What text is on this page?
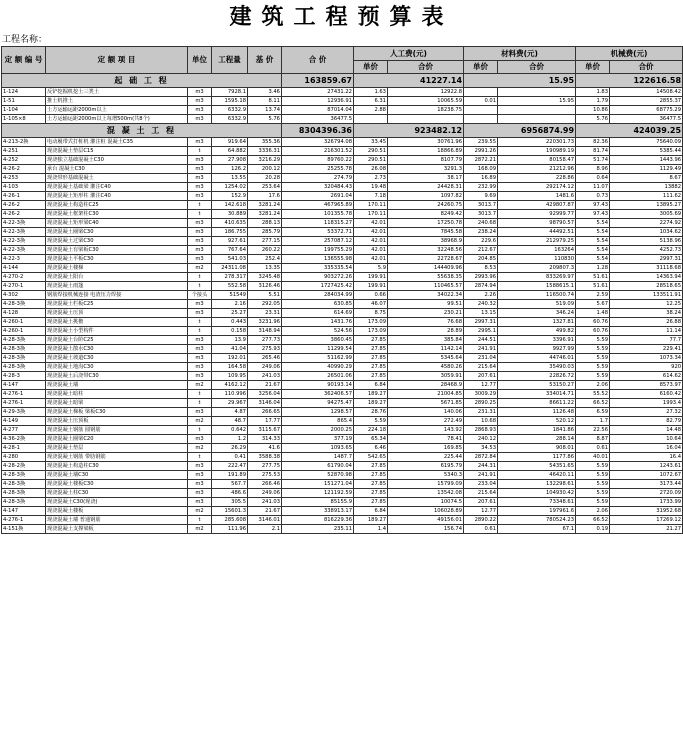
建筑工程预算表
工程名称：
定 额 编 号	定 额 项 目	单位	工程量	基 价	合 价	人工费(元)		材料费(元)		机械费(元)	
						单价	合价	单价	合价	单价	合价
起 础 工 程					163859.67	41227.14		15.95		122616.58	
1-124	反铲挖掘机挖土三类土	m3	7928.1	3.46	27431.22	1.63	12922.8			1.83	14508.42
1-51	推土机推土	m3	1595.18	8.11	12936.91	6.31	10065.59	0.01	15.95	1.79	2855.37
1-104	土方运输运距2000m以上	m3	6332.9	13.74	87014.04	2.88	18238.75			10.86	68775.29
1-105×8	土方运输运距2000m以上每增500m(共8个)	m3	6332.9	5.76	36477.5					5.76	36477.5
混 凝 土 工 程					8304396.36	923482.12		6956874.99		424039.25	
4-213-2换	电动履带式打桩机 灌注桩 混凝土C35	m3	919.64	355.36	326794.08	33.45	30761.96	239.55	220301.73	82.36	75640.09
4-251	现浇混凝土垫层C15	t	64.882	3336.31	216301.52	290.51	18866.89	2991.26	190989.19	81.74	5385.44
4-252	现浇独立基础混凝土C30	m3	27.908	3216.29	89760.22	290.51	8107.79	2872.21	80158.47	51.74	1443.96
4-26-2	承台 混凝土C30	m3	126.2	200.12	25255.78	26.08	3291.3	168.09	21212.96	8.96	1129.49
4-253	现浇带形基础混凝土	m3	13.55	20.28	274.79	2.73	38.17	16.89	228.86	0.64	8.67
4-103	现浇混凝土基础梁 灌注C40	m3	1254.02	253.64	320484.43	19.48	24428.31	232.99	292174.12	11.07	13882
4-26-1	现浇混凝土矩形柱 灌注C40	m3	152.9	17.6	2691.04	7.18	1097.82	9.69	1481.6	0.73	111.62
4-26-2	现浇混凝土构造柱C25	t	142.618	3281.24	467965.89	170.11	24260.75	3013.7	429807.87	97.43	13895.27
4-26-2	现浇混凝土框架柱C30	t	30.889	3281.24	101355.78	170.11	8249.42	3013.7	92999.77	97.43	3005.69
4-22-3换	现浇混凝土矩形梁C40	m3	410.635	288.13	118315.27	42.01	17250.78	240.68	98790.57	5.54	2274.92
4-22-3换	现浇混凝土圈梁C30	m3	186.755	285.79	53372.71	42.01	7845.58	238.24	44492.51	5.54	1034.62
4-22-3换	现浇混凝土过梁C30	m3	927.61	277.15	257087.12	42.01	38968.9	229.6	212979.25	5.54	5138.96
4-22-3换	现浇混凝土有梁板C30	m3	767.64	260.22	199755.29	42.01	32248.56	212.67	163264	5.54	4252.73
4-22-3	现浇混凝土平板C30	m3	541.03	252.4	136555.98	42.01	22728.67	204.85	110830	5.54	2997.31
4-144	现浇混凝土楼梯	m2	24311.08	13.35	335335.54	5.9	144409.96	8.53	209807.3	1.28	31118.68
4-270-2	现浇混凝土阳台	t	278.317	3245.48	903272.26	199.91	55638.35	2993.96	833269.97	51.61	14363.94
4-270-1	现浇混凝土雨篷	t	552.58	3126.46	1727425.42	199.91	110465.57	2874.94	1588615.1	51.61	28518.65
4-302	钢筋焊接机械连接 电渣压力焊接	个接头	51549	5.51	284034.99	0.66	34022.34	2.26	116500.74	2.59	133511.91
4-28-3换	现浇混凝土栏板C25	m3	2.16	292.05	630.85	46.07	99.51	240.32	519.09	5.67	12.25
4-128	现浇混凝土压顶	m3	25.27	23.31	614.69	8.75	230.21	13.15	346.24	1.48	38.24
4-260-1	现浇混凝土挑檐	t	0.443	3231.96	1431.76	173.09	76.68	2997.31	1327.81	60.76	26.88
4-260-1	现浇混凝土小型构件	t	0.158	3148.94	524.56	173.09	28.89	2995.1	499.82	60.76	11.14
4-28-3换	现浇混凝土台阶C25	m3	13.9	277.73	3860.45	27.85	385.84	244.51	3396.91	5.59	77.7
4-28-3换	现浇混凝土散水C30	m3	41.04	275.93	11299.54	27.85	1142.14	241.91	9927.99	5.59	229.41
4-28-3换	现浇混凝土坡道C30	m3	192.01	265.46	51162.99	27.85	5345.64	231.04	44746.01	5.59	1073.34
4-28-3换	现浇混凝土地沟C30	m3	164.58	249.06	40990.29	27.85	4580.26	215.64	35490.03	5.59	920
4-28-3	现浇混凝土后浇带C30	m3	109.95	241.03	26501.06	27.85	3059.91	207.61	22826.72	5.59	614.62
4-147	现浇混凝土墙	m2	4162.12	21.67	90193.14	6.84	28468.9	12.77	53150.27	2.06	8573.97
4-276-1	现浇混凝土暗柱	t	110.996	3256.04	362406.57	189.27	21004.85	3009.29	334014.71	55.52	6160.42
4-276-1	现浇混凝土暗梁	t	29.967	3146.04	94275.47	189.27	5671.85	2890.25	86611.22	66.52	1993.4
4-29-3换	现浇混凝土梯板 梁板C30	m3	4.87	266.65	1298.57	28.76	140.06	231.31	1126.48	6.59	27.32
4-149	现浇混凝土压顶板	m2	48.7	17.77	865.4	5.59	272.49	10.68	520.12	1.7	82.79
4-277	现浇混凝土钢筋 圆钢筋	t	0.642	3115.67	2000.25	224.18	143.92	2868.93	1841.86	22.56	14.48
4-36-2换	现浇混凝土圈梁C20	m3	1.2	314.33	377.19	65.34	78.41	240.12	288.14	8.87	10.64
4-28-1	现浇混凝土垫层	m2	26.29	41.6	1093.65	6.46	169.85	34.53	908.01	0.61	16.04
4-280	现浇混凝土钢筋 带肋钢筋	t	0.41	3588.38	1487.7	542.65	225.44	2872.84	1177.86	40.01	16.4
4-28-2换	现浇混凝土构造柱C30	m3	222.47	277.75	61790.04	27.85	6195.79	244.31	54351.65	5.59	1243.61
4-28-3换	现浇混凝土墙C30	m3	191.89	275.53	52870.98	27.85	5340.3	241.91	46420.11	5.59	1072.67
4-28-3换	现浇混凝土楼板C30	m3	567.7	266.46	151271.04	27.85	15799.09	233.04	132298.61	5.59	3173.44
4-28-3换	现浇混凝土柱C30	m3	486.6	249.06	121192.59	27.85	13542.08	215.64	104930.42	5.59	2720.09
4-28-3换	现浇混凝土C30(现浇)	m3	305.5	241.03	85155.9	27.85	10074.5	207.61	73348.61	5.59	1733.99
4-147	现浇混凝土楼板	m2	15601.3	21.67	338913.17	6.84	106028.89	12.77	197961.6	2.06	31952.68
4-276-1	现浇混凝土墙 普通钢筋	t	285.608	3146.01	816229.36	189.27	49156.01	2890.22	780524.23	66.52	17269.12
4-151换	现浇混凝土支撑梁板	m2	111.96	2.1	235.11	1.4	156.74	0.61	67.1	0.19	21.27
